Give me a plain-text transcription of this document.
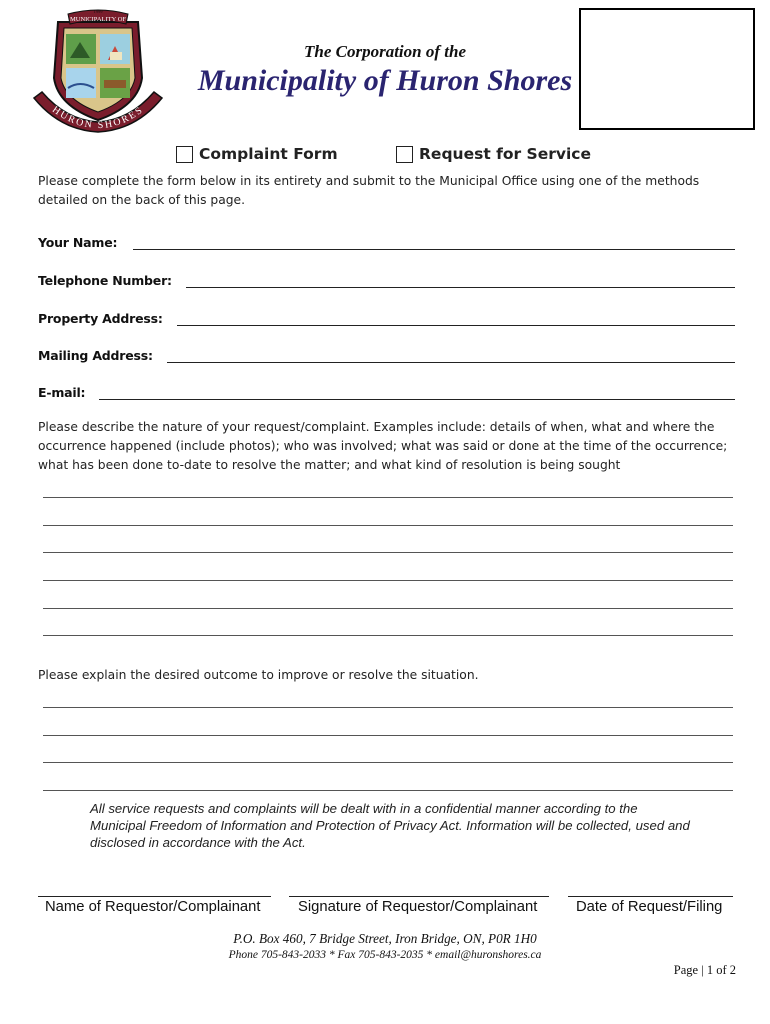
MUNICIPALITY OF
1999
HURON SHORES
The Corporation of the
Municipality of Huron Shores
Complaint Form	Request for Service
Please complete the form below in its entirety and submit to the Municipal Office using one of the methods detailed on the back of this page.
Your Name:
Telephone Number:
Property Address:
Mailing Address:
E-mail:
Please describe the nature of your request/complaint. Examples include: details of when, what and where the occurrence happened (include photos); who was involved; what was said or done at the time of the occurrence; what has been done to-date to resolve the matter; and what kind of resolution is being sought
Please explain the desired outcome to improve or resolve the situation.
All service requests and complaints will be dealt with in a confidential manner according to the Municipal Freedom of Information and Protection of Privacy Act. Information will be collected, used and disclosed in accordance with the Act.
Name of Requestor/Complainant	Signature of Requestor/Complainant	Date of Request/Filing
P.O. Box 460, 7 Bridge Street, Iron Bridge, ON, P0R 1H0
Phone 705-843-2033 * Fax 705-843-2035 * email@huronshores.ca
Page | 1 of 2
